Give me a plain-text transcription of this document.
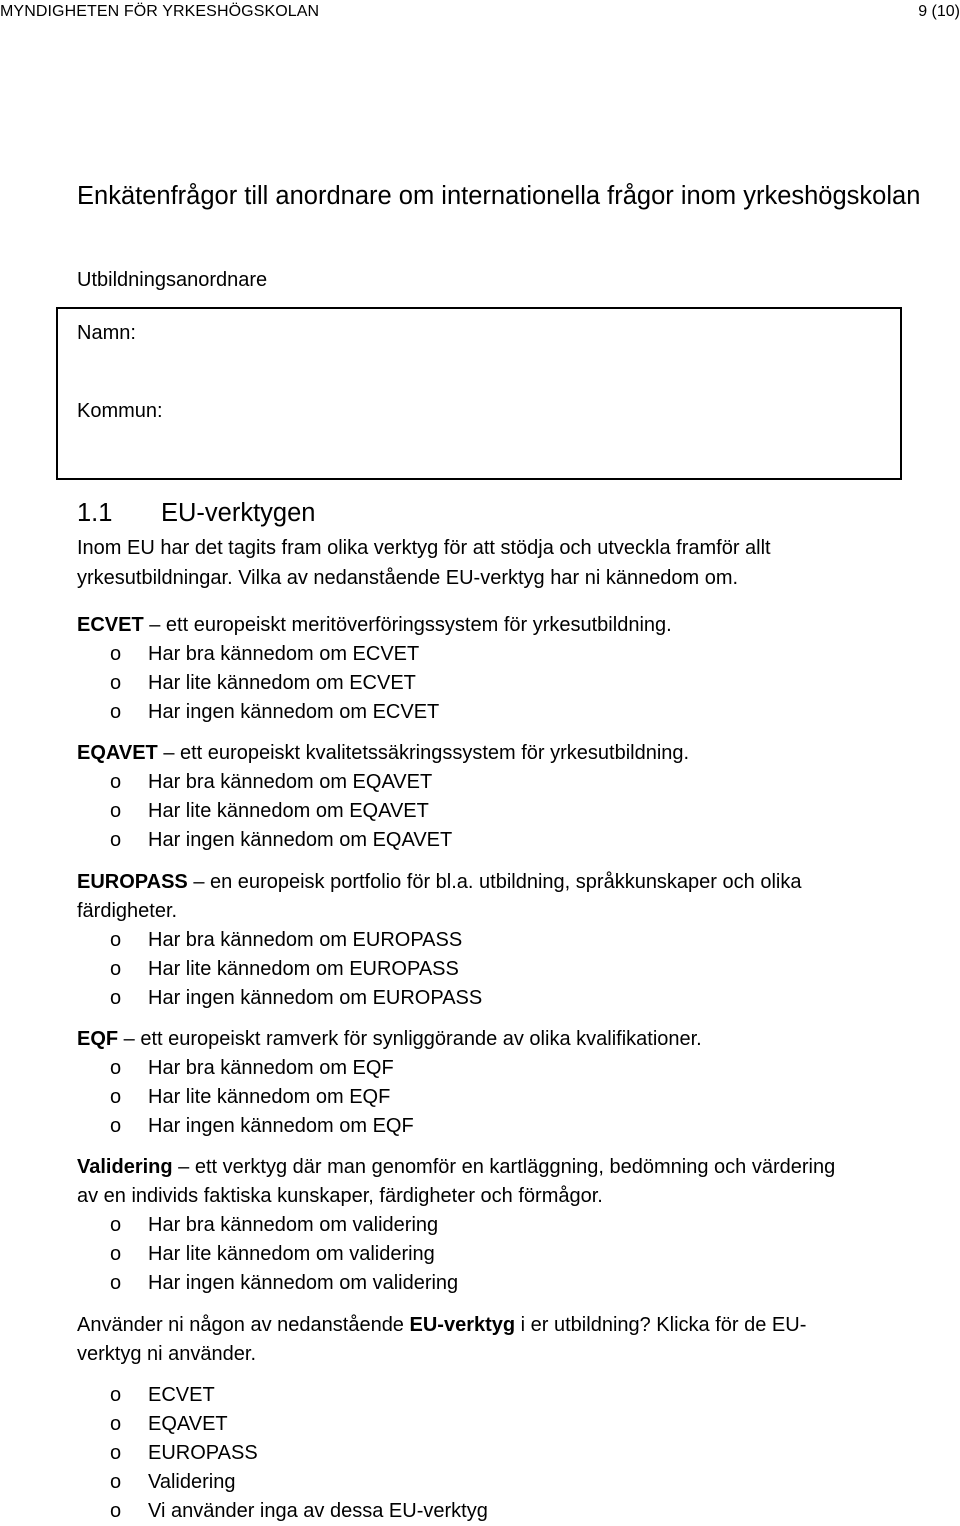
MYNDIGHETEN FÖR YRKESHÖGSKOLAN	9 (10)
Enkätenfrågor till anordnare om internationella frågor inom yrkeshögskolan
Utbildningsanordnare
Namn:
Kommun:
1.1 EU-verktygen
Inom EU har det tagits fram olika verktyg för att stödja och utveckla framför allt yrkesutbildningar. Vilka av nedanstående EU-verktyg har ni kännedom om.
ECVET – ett europeiskt meritöverföringssystem för yrkesutbildning.
o	Har bra kännedom om ECVET
o	Har lite kännedom om ECVET
o	Har ingen kännedom om ECVET
EQAVET – ett europeiskt kvalitetssäkringssystem för yrkesutbildning.
o	Har bra kännedom om EQAVET
o	Har lite kännedom om EQAVET
o	Har ingen kännedom om EQAVET
EUROPASS – en europeisk portfolio för bl.a. utbildning, språkkunskaper och olika färdigheter.
o	Har bra kännedom om EUROPASS
o	Har lite kännedom om EUROPASS
o	Har ingen kännedom om EUROPASS
EQF – ett europeiskt ramverk för synliggörande av olika kvalifikationer.
o	Har bra kännedom om EQF
o	Har lite kännedom om EQF
o	Har ingen kännedom om EQF
Validering – ett verktyg där man genomför en kartläggning, bedömning och värdering av en individs faktiska kunskaper, färdigheter och förmågor.
o	Har bra kännedom om validering
o	Har lite kännedom om validering
o	Har ingen kännedom om validering
Använder ni någon av nedanstående EU-verktyg i er utbildning? Klicka för de EU-verktyg ni använder.
o	ECVET
o	EQAVET
o	EUROPASS
o	Validering
o	Vi använder inga av dessa EU-verktyg
